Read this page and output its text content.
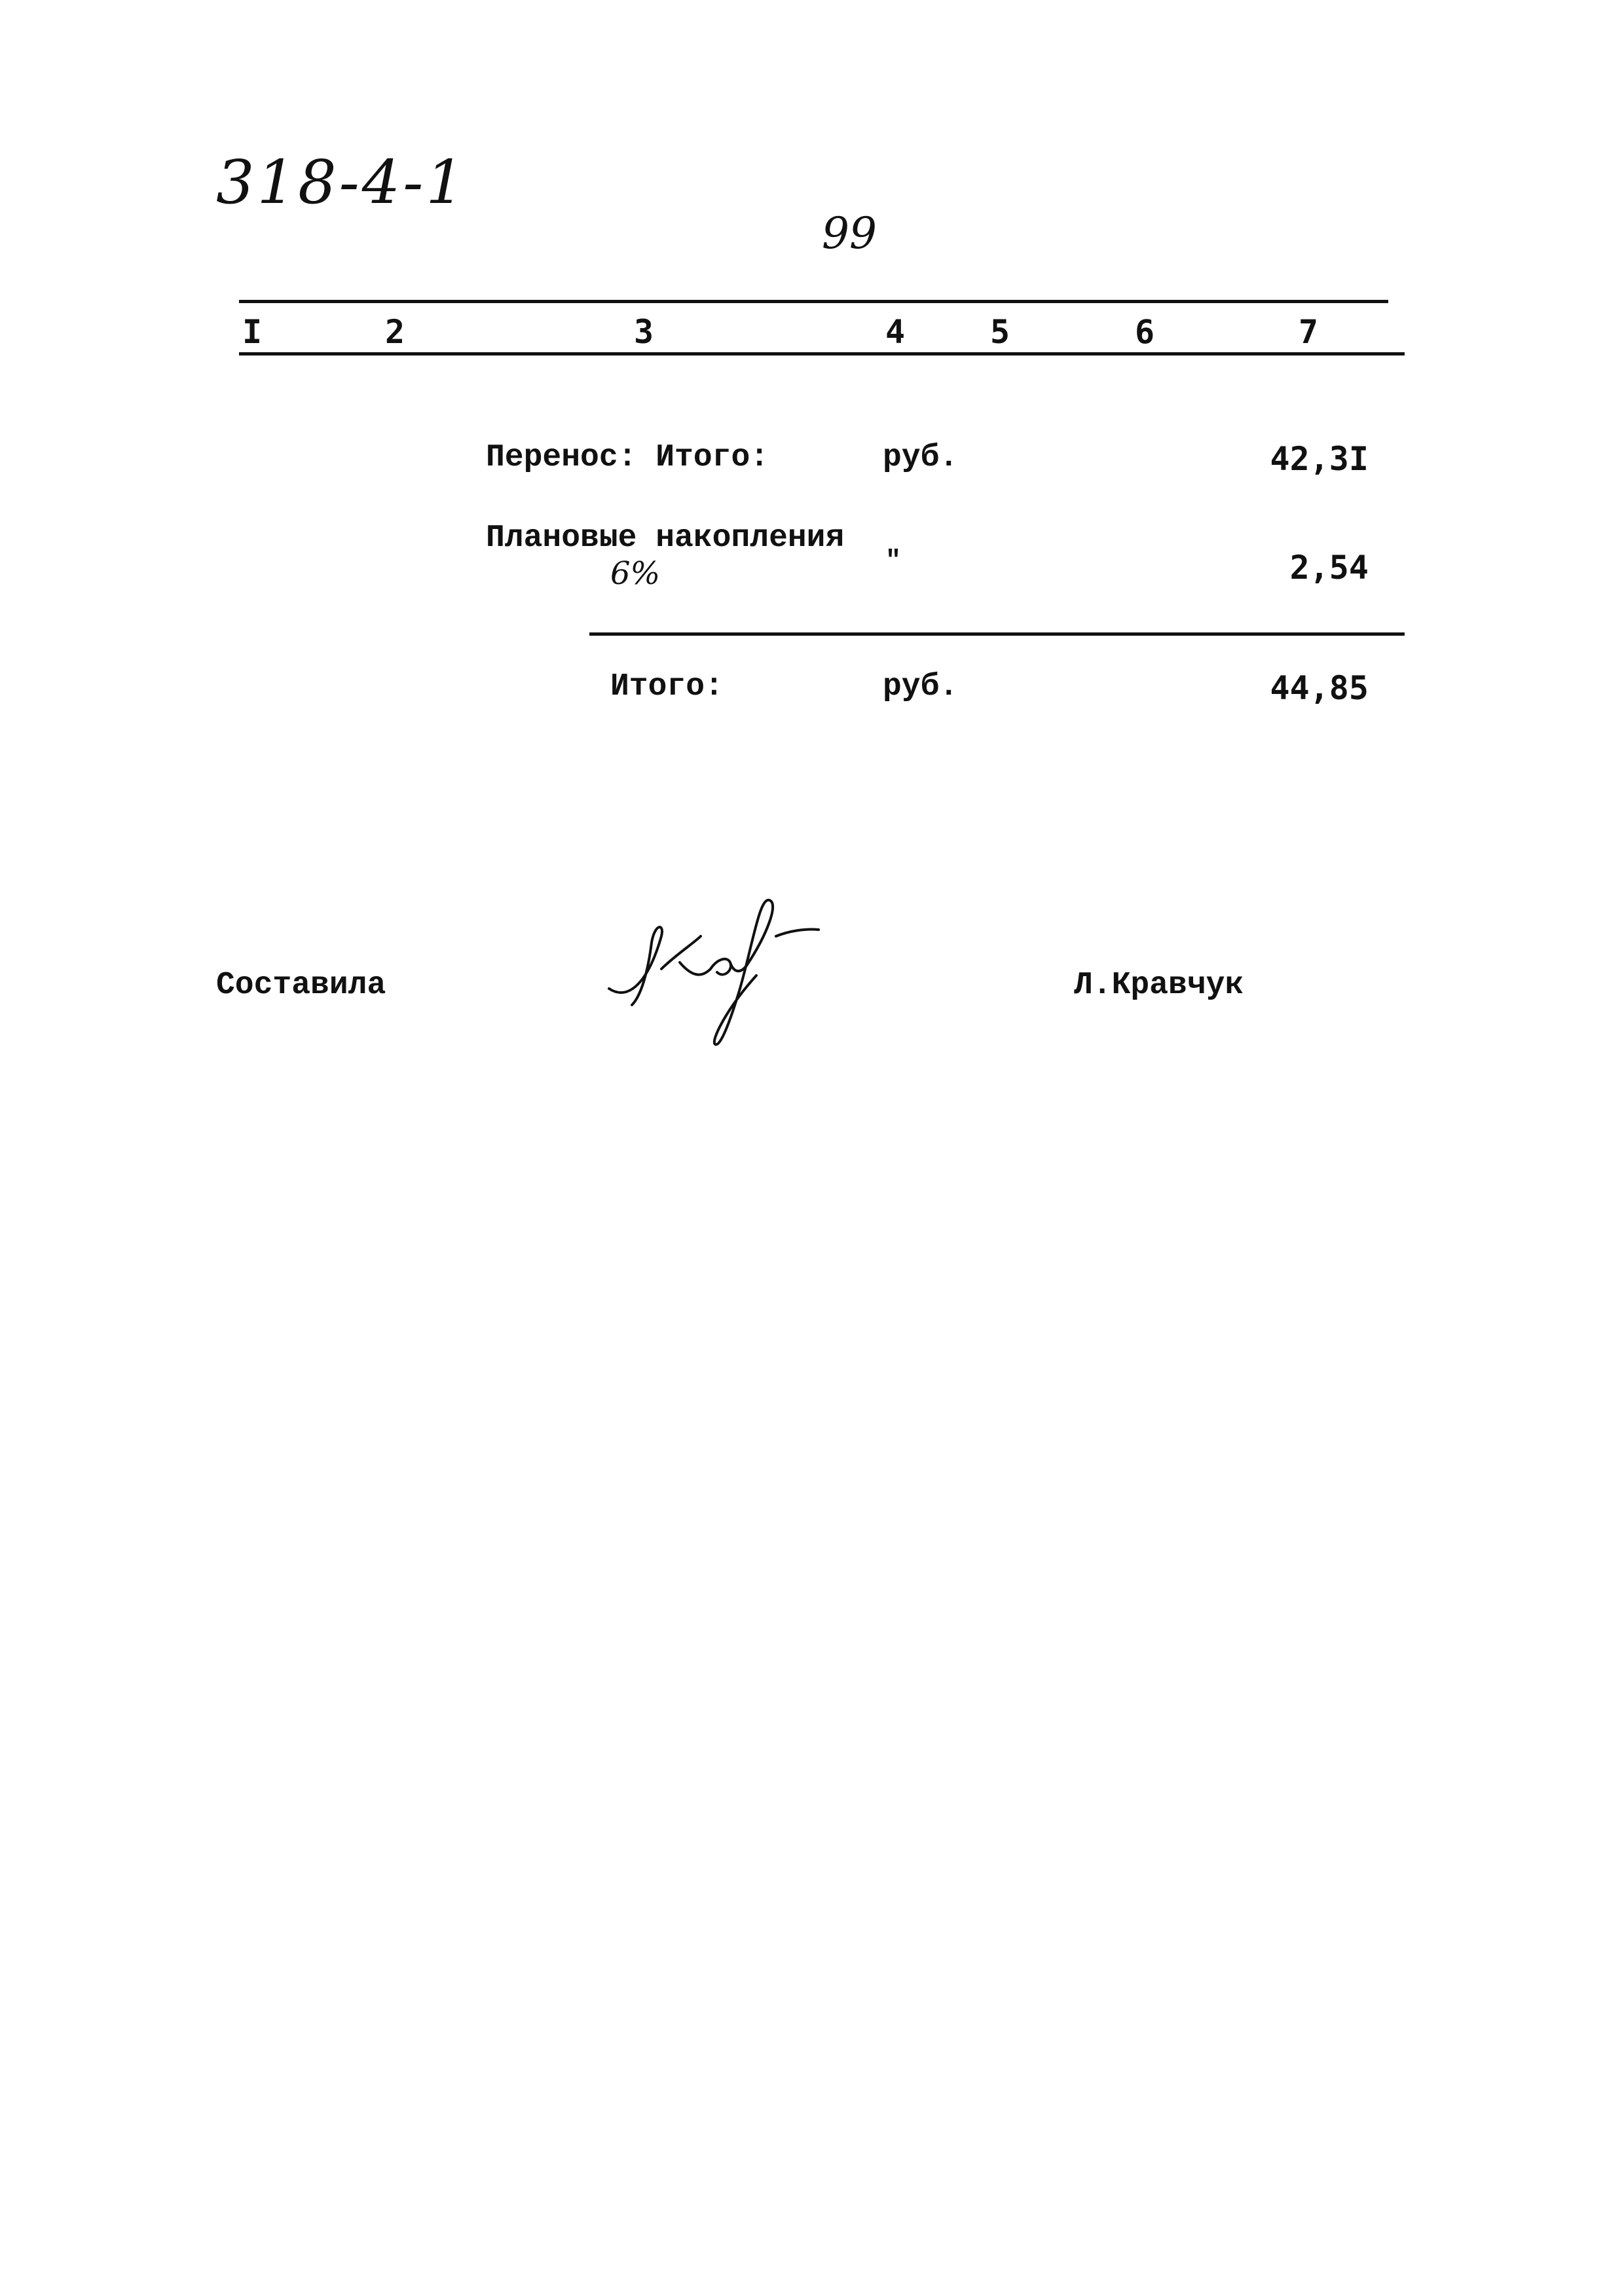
318-4-1
99
I	2	3	4	5	6	7
Перенос: Итого:	руб.	42,3I
Плановые накопления
6%	"	2,54
Итого:	руб.	44,85
Составила	Л.Кравчук
